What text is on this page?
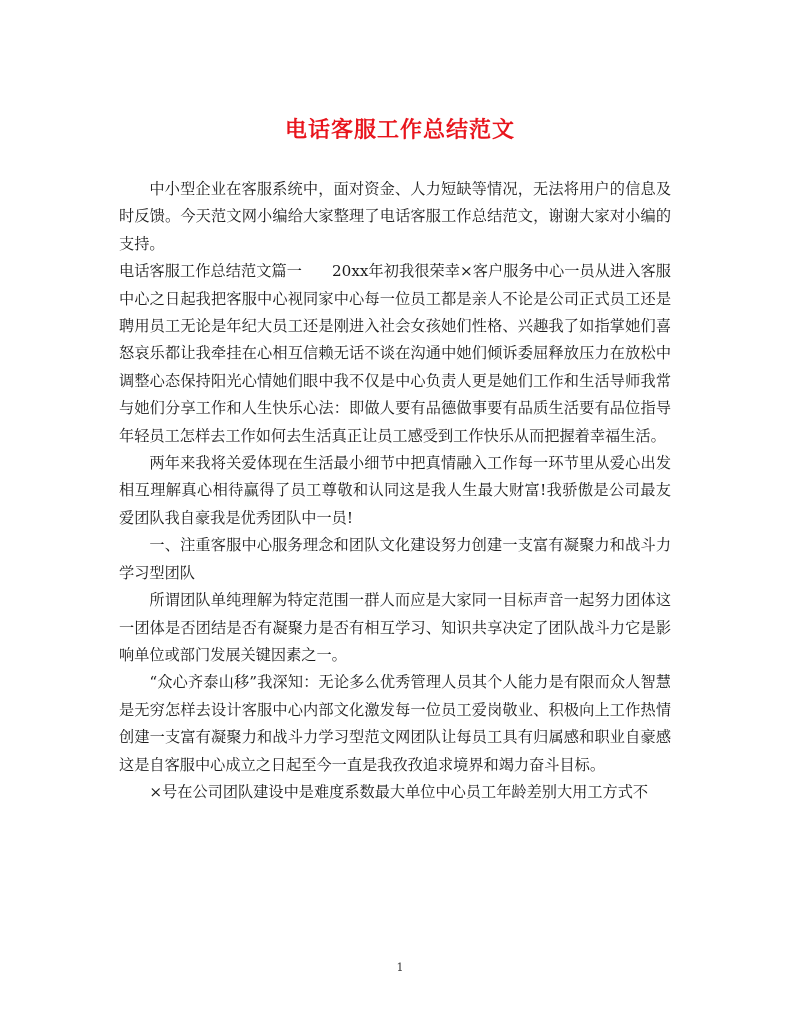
电话客服工作总结范文

中小型企业在客服系统中，面对资金、人力短缺等情况，无法将用户的信息及时反馈。今天范文网小编给大家整理了电话客服工作总结范文，谢谢大家对小编的支持。

电话客服工作总结范文篇一 20xx年初我很荣幸×客户服务中心一员从进入客服中心之日起我把客服中心视同家中心每一位员工都是亲人不论是公司正式员工还是聘用员工无论是年纪大员工还是刚进入社会女孩她们性格、兴趣我了如指掌她们喜怒哀乐都让我牵挂在心相互信赖无话不谈在沟通中她们倾诉委屈释放压力在放松中调整心态保持阳光心情她们眼中我不仅是中心负责人更是她们工作和生活导师我常与她们分享工作和人生快乐心法：即做人要有品德做事要有品质生活要有品位指导年轻员工怎样去工作如何去生活真正让员工感受到工作快乐从而把握着幸福生活。

两年来我将关爱体现在生活最小细节中把真情融入工作每一环节里从爱心出发相互理解真心相待赢得了员工尊敬和认同这是我人生最大财富!我骄傲是公司最友爱团队我自豪我是优秀团队中一员!

一、注重客服中心服务理念和团队文化建设努力创建一支富有凝聚力和战斗力学习型团队

所谓团队单纯理解为特定范围一群人而应是大家同一目标声音一起努力团体这一团体是否团结是否有凝聚力是否有相互学习、知识共享决定了团队战斗力它是影响单位或部门发展关键因素之一。

“众心齐泰山移”我深知：无论多么优秀管理人员其个人能力是有限而众人智慧是无穷怎样去设计客服中心内部文化激发每一位员工爱岗敬业、积极向上工作热情创建一支富有凝聚力和战斗力学习型范文网团队让每员工具有归属感和职业自豪感这是自客服中心成立之日起至今一直是我孜孜追求境界和竭力奋斗目标。

×号在公司团队建设中是难度系数最大单位中心员工年龄差别大用工方式不

1
